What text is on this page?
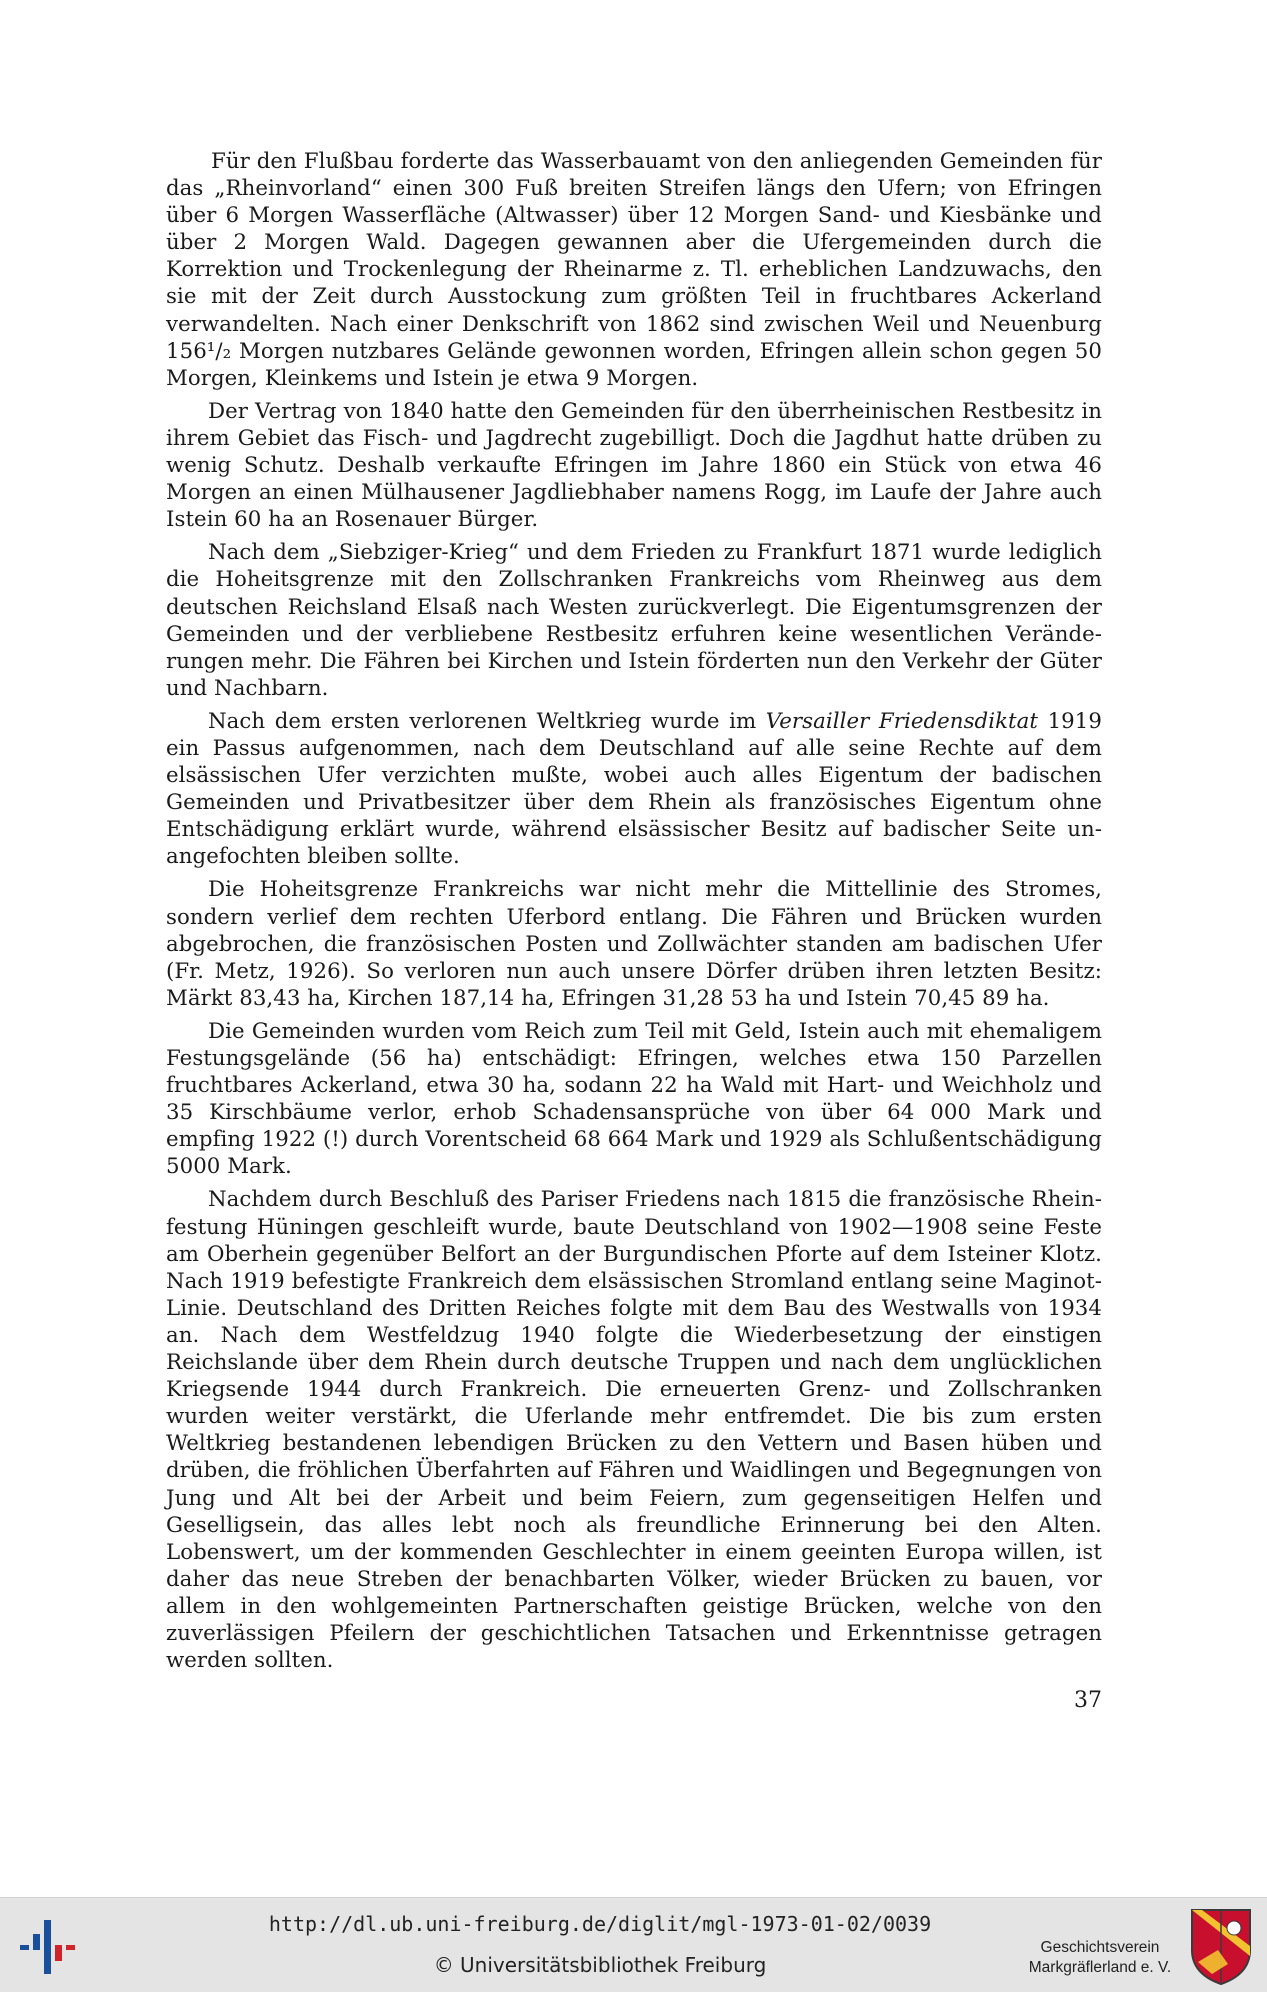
Für den Flußbau forderte das Wasserbauamt von den anliegenden Gemeinden für das „Rheinvorland“ einen 300 Fuß breiten Streifen längs den Ufern; von Efringen über 6 Morgen Wasserfläche (Altwasser) über 12 Morgen Sand- und Kiesbänke und über 2 Morgen Wald. Dagegen gewannen aber die Ufergemeinden durch die Korrektion und Trockenlegung der Rheinarme z. Tl. erheblichen Landzuwachs, den sie mit der Zeit durch Ausstockung zum größten Teil in fruchtbares Ackerland verwandelten. Nach einer Denkschrift von 1862 sind zwischen Weil und Neuenburg 156¹/₂ Morgen nutzbares Gelände gewonnen worden, Efringen allein schon gegen 50 Morgen, Kleinkems und Istein je etwa 9 Morgen.

Der Vertrag von 1840 hatte den Gemeinden für den überrheinischen Restbesitz in ihrem Gebiet das Fisch- und Jagdrecht zugebilligt. Doch die Jagdhut hatte drüben zu wenig Schutz. Deshalb verkaufte Efringen im Jahre 1860 ein Stück von etwa 46 Morgen an einen Mülhausener Jagdliebhaber namens Rogg, im Laufe der Jahre auch Istein 60 ha an Rosenauer Bürger.

Nach dem „Siebziger-Krieg“ und dem Frieden zu Frankfurt 1871 wurde lediglich die Hoheitsgrenze mit den Zollschranken Frankreichs vom Rheinweg aus dem deutschen Reichsland Elsaß nach Westen zurückverlegt. Die Eigentumsgrenzen der Gemeinden und der verbliebene Restbesitz erfuhren keine wesentlichen Veränderungen mehr. Die Fähren bei Kirchen und Istein förderten nun den Verkehr der Güter und Nachbarn.

Nach dem ersten verlorenen Weltkrieg wurde im Versailler Friedensdiktat 1919 ein Passus aufgenommen, nach dem Deutschland auf alle seine Rechte auf dem elsässischen Ufer verzichten mußte, wobei auch alles Eigentum der badischen Gemeinden und Privatbesitzer über dem Rhein als französisches Eigentum ohne Entschädigung erklärt wurde, während elsässischer Besitz auf badischer Seite unangefochten bleiben sollte.

Die Hoheitsgrenze Frankreichs war nicht mehr die Mittellinie des Stromes, sondern verlief dem rechten Uferbord entlang. Die Fähren und Brücken wurden abgebrochen, die französischen Posten und Zollwächter standen am badischen Ufer (Fr. Metz, 1926). So verloren nun auch unsere Dörfer drüben ihren letzten Besitz: Märkt 83,43 ha, Kirchen 187,14 ha, Efringen 31,28 53 ha und Istein 70,45 89 ha.

Die Gemeinden wurden vom Reich zum Teil mit Geld, Istein auch mit ehemaligem Festungsgelände (56 ha) entschädigt: Efringen, welches etwa 150 Parzellen fruchtbares Ackerland, etwa 30 ha, sodann 22 ha Wald mit Hart- und Weichholz und 35 Kirschbäume verlor, erhob Schadensansprüche von über 64 000 Mark und empfing 1922 (!) durch Vorentscheid 68 664 Mark und 1929 als Schlußentschädigung 5000 Mark.

Nachdem durch Beschluß des Pariser Friedens nach 1815 die französische Rheinfestung Hüningen geschleift wurde, baute Deutschland von 1902—1908 seine Feste am Oberhein gegenüber Belfort an der Burgundischen Pforte auf dem Isteiner Klotz. Nach 1919 befestigte Frankreich dem elsässischen Stromland entlang seine Maginot-Linie. Deutschland des Dritten Reiches folgte mit dem Bau des Westwalls von 1934 an. Nach dem Westfeldzug 1940 folgte die Wiederbesetzung der einstigen Reichslande über dem Rhein durch deutsche Truppen und nach dem unglücklichen Kriegsende 1944 durch Frankreich. Die erneuerten Grenz- und Zollschranken wurden weiter verstärkt, die Uferlande mehr entfremdet. Die bis zum ersten Weltkrieg bestandenen lebendigen Brücken zu den Vettern und Basen hüben und drüben, die fröhlichen Überfahrten auf Fähren und Waidlingen und Begegnungen von Jung und Alt bei der Arbeit und beim Feiern, zum gegenseitigen Helfen und Geselligsein, das alles lebt noch als freundliche Erinnerung bei den Alten. Lobenswert, um der kommenden Geschlechter in einem geeinten Europa willen, ist daher das neue Streben der benachbarten Völker, wieder Brücken zu bauen, vor allem in den wohlgemeinten Partnerschaften geistige Brücken, welche von den zuverlässigen Pfeilern der geschichtlichen Tatsachen und Erkenntnisse getragen werden sollten.

37
http://dl.ub.uni-freiburg.de/diglit/mgl-1973-01-02/0039
© Universitätsbibliothek Freiburg
Geschichtsverein
Markgräflerland e. V.
